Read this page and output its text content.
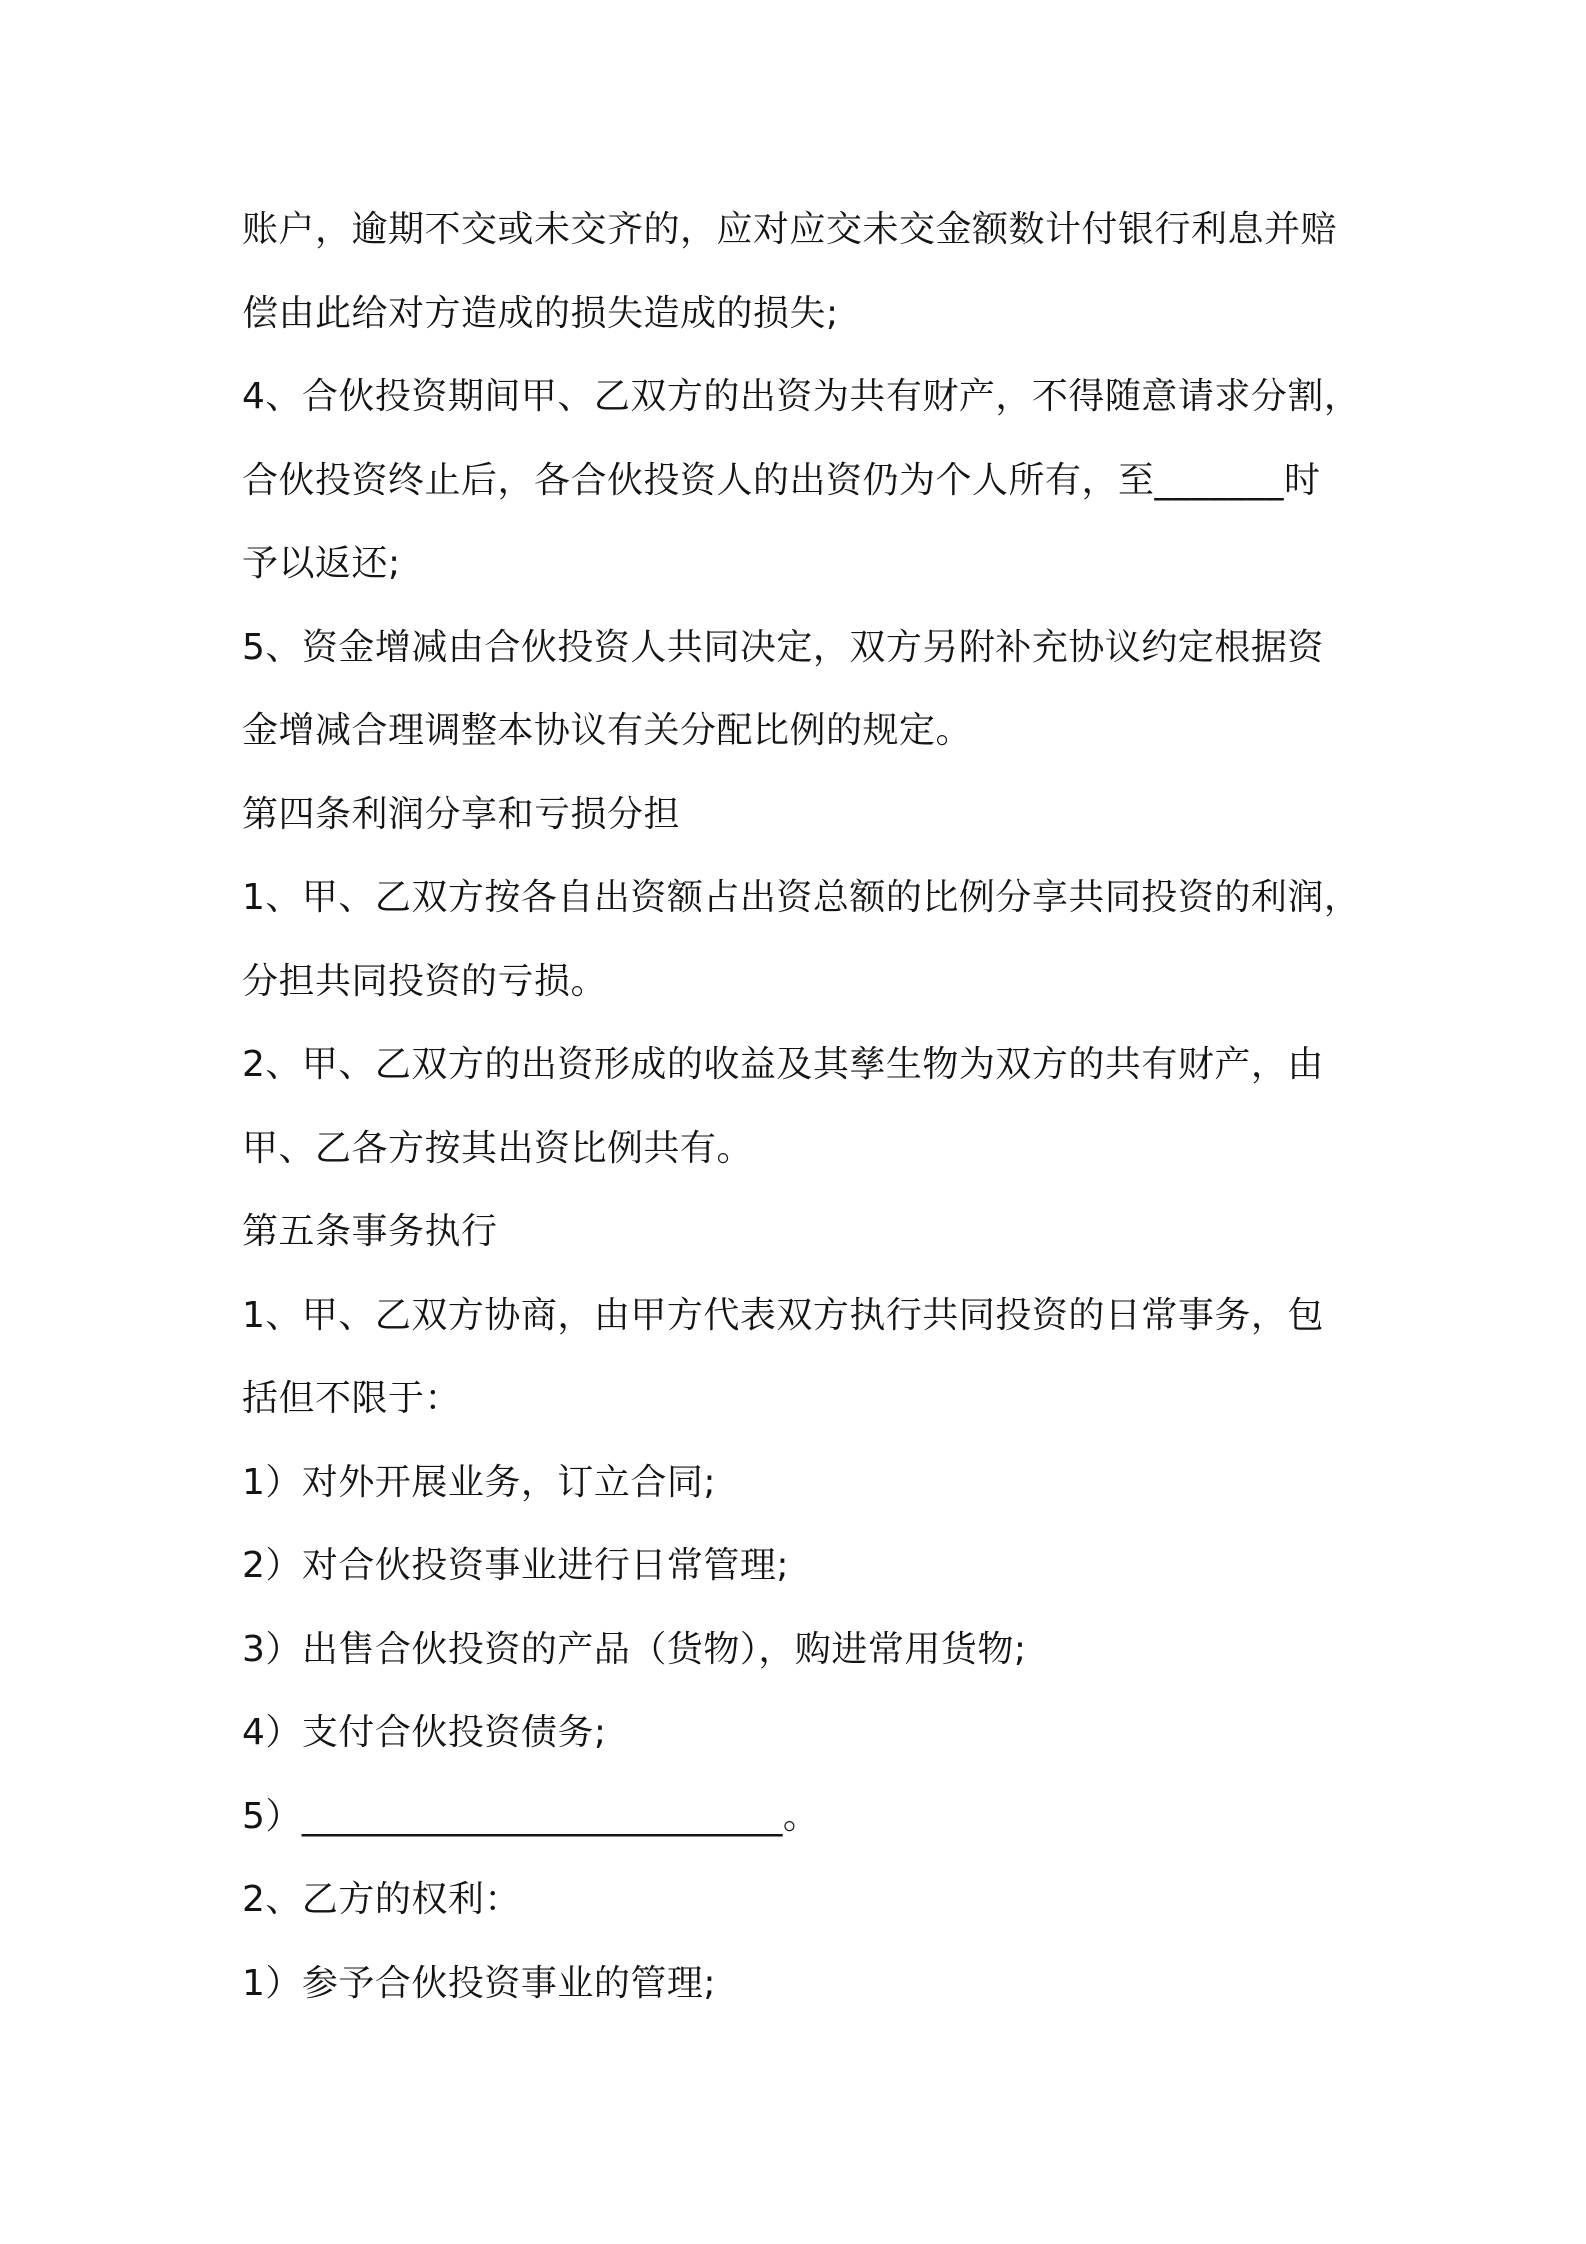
账户，逾期不交或未交齐的，应对应交未交金额数计付银行利息并赔
偿由此给对方造成的损失造成的损失;
4、合伙投资期间甲、乙双方的出资为共有财产，不得随意请求分割，
合伙投资终止后，各合伙投资人的出资仍为个人所有，至_______时
予以返还;
5、资金增减由合伙投资人共同决定，双方另附补充协议约定根据资
金增减合理调整本协议有关分配比例的规定。
第四条利润分享和亏损分担
1、甲、乙双方按各自出资额占出资总额的比例分享共同投资的利润，
分担共同投资的亏损。
2、甲、乙双方的出资形成的收益及其孳生物为双方的共有财产，由
甲、乙各方按其出资比例共有。
第五条事务执行
1、甲、乙双方协商，由甲方代表双方执行共同投资的日常事务，包
括但不限于：
1）对外开展业务，订立合同;
2）对合伙投资事业进行日常管理;
3）出售合伙投资的产品（货物），购进常用货物;
4）支付合伙投资债务;
5）__________________________。
2、乙方的权利：
1）参予合伙投资事业的管理;
